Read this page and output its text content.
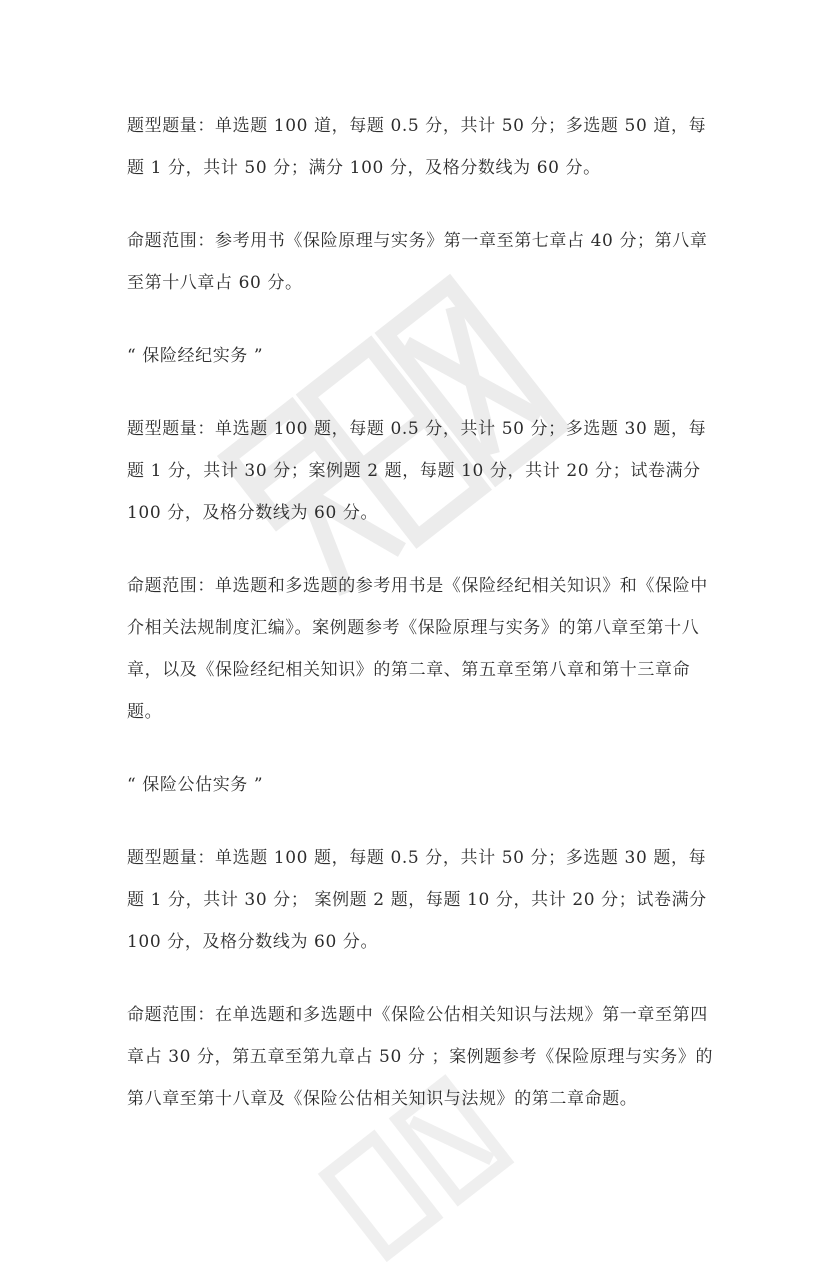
题型题量：单选题 100 道，每题 0.5 分，共计 50 分；多选题 50 道，每题 1 分，共计 50 分；满分 100 分，及格分数线为 60 分。

命题范围：参考用书《保险原理与实务》第一章至第七章占 40 分；第八章至第十八章占 60 分。

“ 保险经纪实务 ”

题型题量：单选题 100 题，每题 0.5 分，共计 50 分；多选题 30 题，每题 1 分，共计 30 分；案例题 2 题，每题 10 分，共计 20 分；试卷满分 100 分，及格分数线为 60 分。

命题范围：单选题和多选题的参考用书是《保险经纪相关知识》和《保险中介相关法规制度汇编》。案例题参考《保险原理与实务》的第八章至第十八章，以及《保险经纪相关知识》的第二章、第五章至第八章和第十三章命题。

“ 保险公估实务 ”

题型题量：单选题 100 题，每题 0.5 分，共计 50 分；多选题 30 题，每题 1 分，共计 30 分； 案例题 2 题，每题 10 分，共计 20 分；试卷满分 100 分，及格分数线为 60 分。

命题范围：在单选题和多选题中《保险公估相关知识与法规》第一章至第四章占 30 分，第五章至第九章占 50 分 ；案例题参考《保险原理与实务》的第八章至第十八章及《保险公估相关知识与法规》的第二章命题。
